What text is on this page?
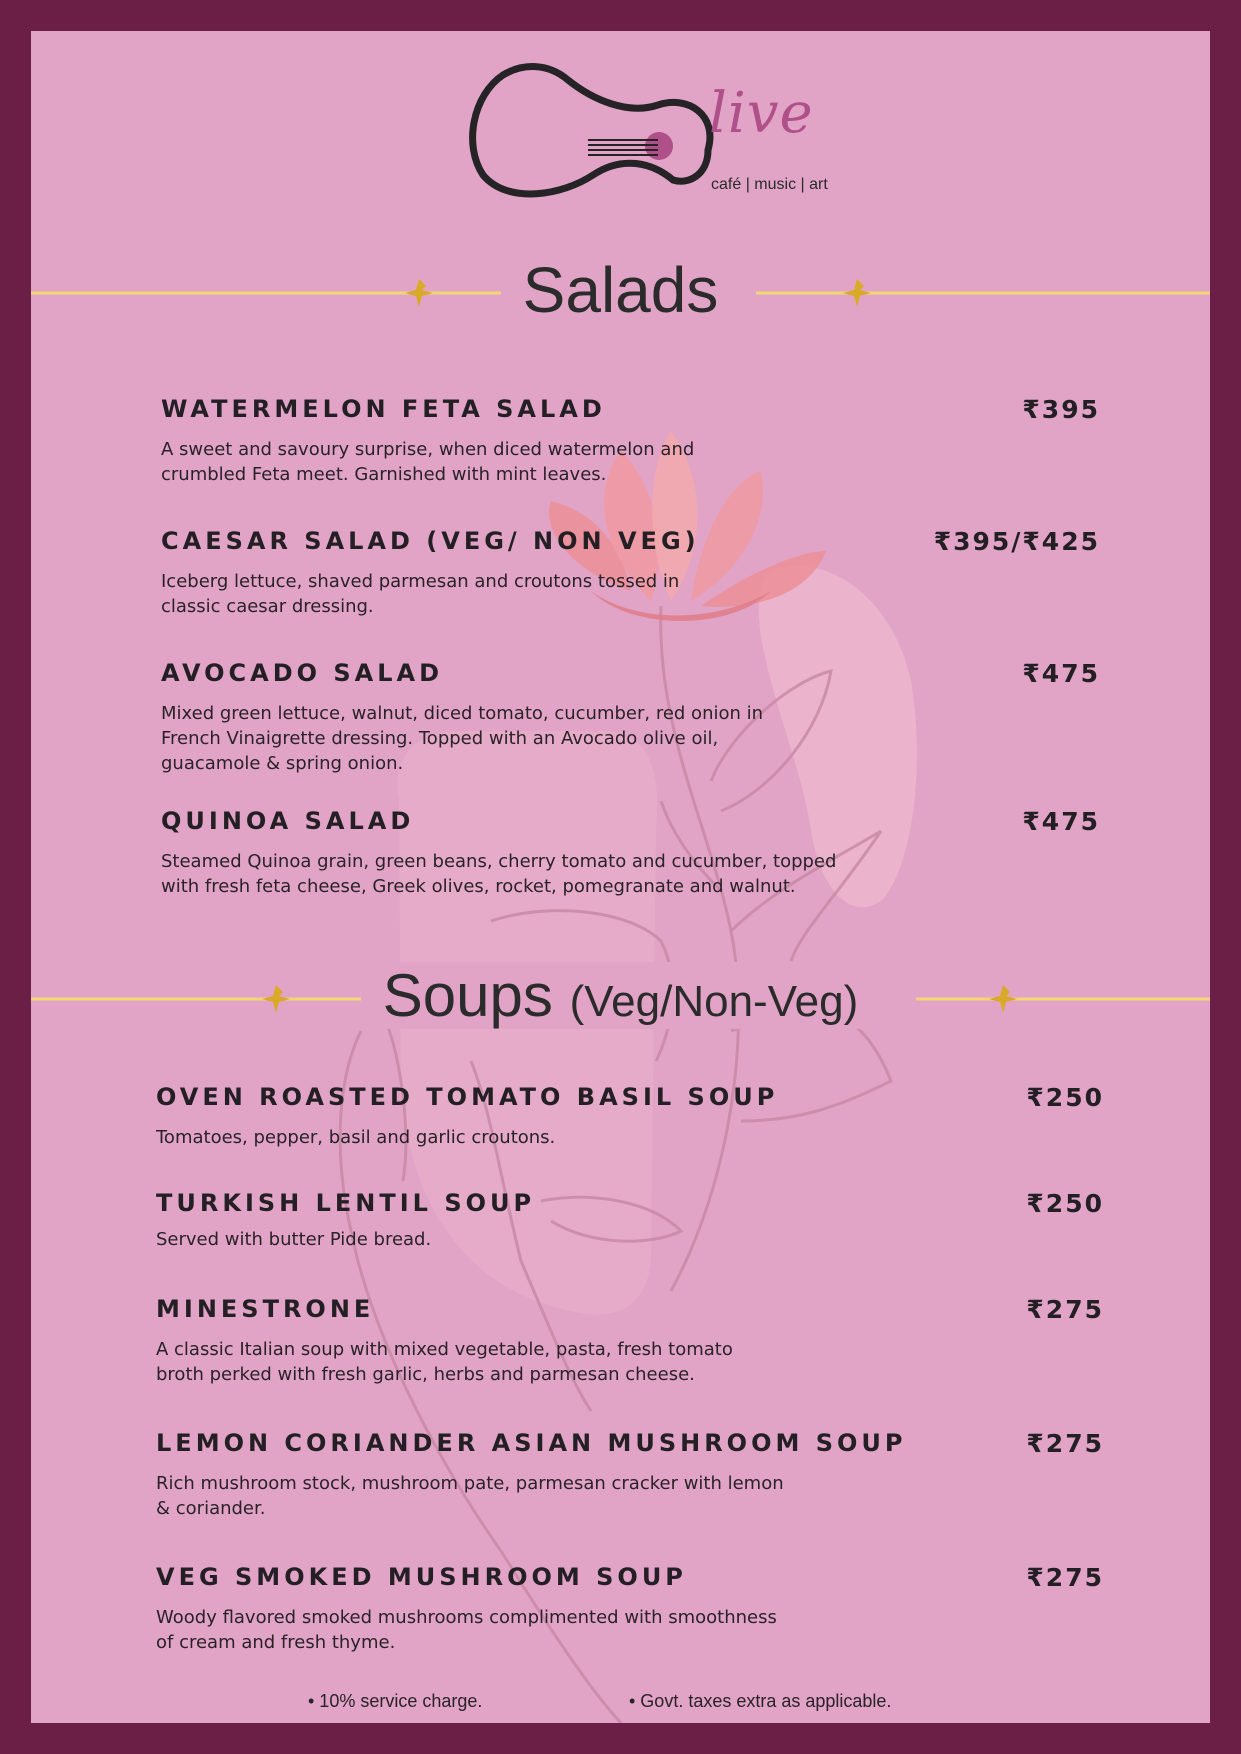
live
café | music | art
Salads
WATERMELON FETA SALAD	₹395
A sweet and savoury surprise, when diced watermelon and
crumbled Feta meet. Garnished with mint leaves.
CAESAR SALAD (VEG/ NON VEG)	₹395/₹425
Iceberg lettuce, shaved parmesan and croutons tossed in
classic caesar dressing.
AVOCADO SALAD	₹475
Mixed green lettuce, walnut, diced tomato, cucumber, red onion in
French Vinaigrette dressing. Topped with an Avocado olive oil,
guacamole & spring onion.
QUINOA SALAD	₹475
Steamed Quinoa grain, green beans, cherry tomato and cucumber, topped
with fresh feta cheese, Greek olives, rocket, pomegranate and walnut.
Soups (Veg/Non-Veg)
OVEN ROASTED TOMATO BASIL SOUP	₹250
Tomatoes, pepper, basil and garlic croutons.
TURKISH LENTIL SOUP	₹250
Served with butter Pide bread.
MINESTRONE	₹275
A classic Italian soup with mixed vegetable, pasta, fresh tomato
broth perked with fresh garlic, herbs and parmesan cheese.
LEMON CORIANDER ASIAN MUSHROOM SOUP	₹275
Rich mushroom stock, mushroom pate, parmesan cracker with lemon
& coriander.
VEG SMOKED MUSHROOM SOUP	₹275
Woody flavored smoked mushrooms complimented with smoothness
of cream and fresh thyme.
• 10% service charge.	• Govt. taxes extra as applicable.
